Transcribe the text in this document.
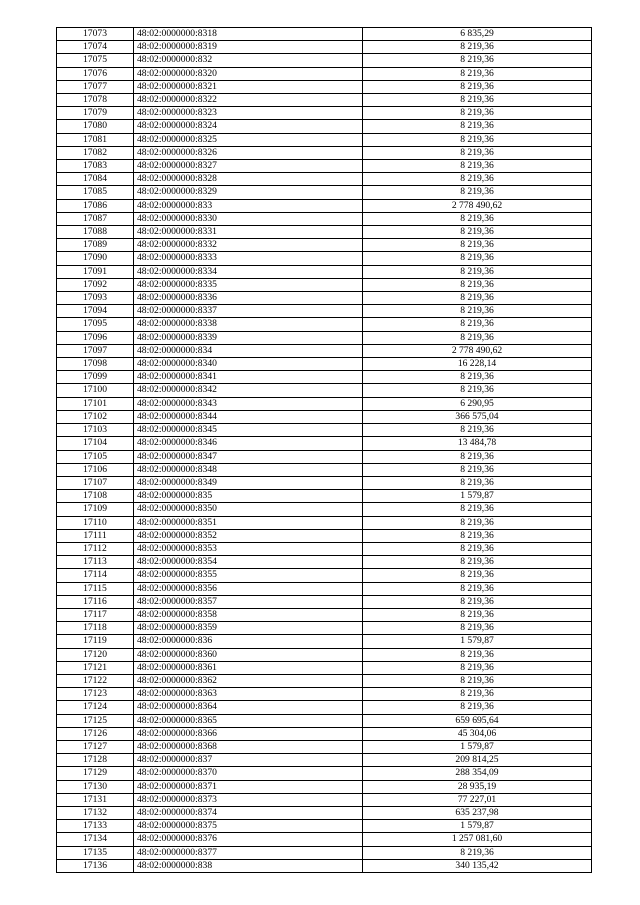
17073	48:02:0000000:8318	6 835,29
17074	48:02:0000000:8319	8 219,36
17075	48:02:0000000:832	8 219,36
17076	48:02:0000000:8320	8 219,36
17077	48:02:0000000:8321	8 219,36
17078	48:02:0000000:8322	8 219,36
17079	48:02:0000000:8323	8 219,36
17080	48:02:0000000:8324	8 219,36
17081	48:02:0000000:8325	8 219,36
17082	48:02:0000000:8326	8 219,36
17083	48:02:0000000:8327	8 219,36
17084	48:02:0000000:8328	8 219,36
17085	48:02:0000000:8329	8 219,36
17086	48:02:0000000:833	2 778 490,62
17087	48:02:0000000:8330	8 219,36
17088	48:02:0000000:8331	8 219,36
17089	48:02:0000000:8332	8 219,36
17090	48:02:0000000:8333	8 219,36
17091	48:02:0000000:8334	8 219,36
17092	48:02:0000000:8335	8 219,36
17093	48:02:0000000:8336	8 219,36
17094	48:02:0000000:8337	8 219,36
17095	48:02:0000000:8338	8 219,36
17096	48:02:0000000:8339	8 219,36
17097	48:02:0000000:834	2 778 490,62
17098	48:02:0000000:8340	16 228,14
17099	48:02:0000000:8341	8 219,36
17100	48:02:0000000:8342	8 219,36
17101	48:02:0000000:8343	6 290,95
17102	48:02:0000000:8344	366 575,04
17103	48:02:0000000:8345	8 219,36
17104	48:02:0000000:8346	13 484,78
17105	48:02:0000000:8347	8 219,36
17106	48:02:0000000:8348	8 219,36
17107	48:02:0000000:8349	8 219,36
17108	48:02:0000000:835	1 579,87
17109	48:02:0000000:8350	8 219,36
17110	48:02:0000000:8351	8 219,36
17111	48:02:0000000:8352	8 219,36
17112	48:02:0000000:8353	8 219,36
17113	48:02:0000000:8354	8 219,36
17114	48:02:0000000:8355	8 219,36
17115	48:02:0000000:8356	8 219,36
17116	48:02:0000000:8357	8 219,36
17117	48:02:0000000:8358	8 219,36
17118	48:02:0000000:8359	8 219,36
17119	48:02:0000000:836	1 579,87
17120	48:02:0000000:8360	8 219,36
17121	48:02:0000000:8361	8 219,36
17122	48:02:0000000:8362	8 219,36
17123	48:02:0000000:8363	8 219,36
17124	48:02:0000000:8364	8 219,36
17125	48:02:0000000:8365	659 695,64
17126	48:02:0000000:8366	45 304,06
17127	48:02:0000000:8368	1 579,87
17128	48:02:0000000:837	209 814,25
17129	48:02:0000000:8370	288 354,09
17130	48:02:0000000:8371	28 935,19
17131	48:02:0000000:8373	77 227,01
17132	48:02:0000000:8374	635 237,98
17133	48:02:0000000:8375	1 579,87
17134	48:02:0000000:8376	1 257 081,60
17135	48:02:0000000:8377	8 219,36
17136	48:02:0000000:838	340 135,42
